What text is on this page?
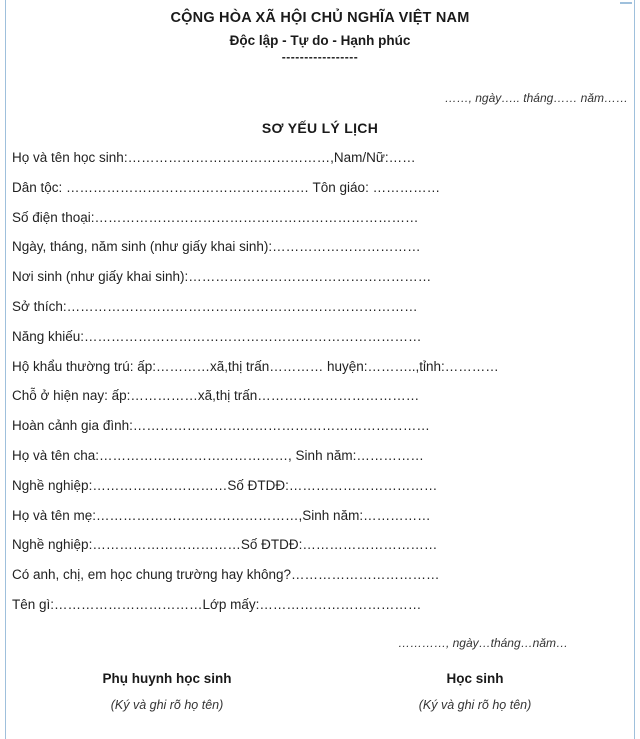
CỘNG HÒA XÃ HỘI CHỦ NGHĨA VIỆT NAM
Độc lập - Tự do - Hạnh phúc
-----------------
……, ngày….. tháng…… năm……
SƠ YẾU LÝ LỊCH
Họ và tên học sinh:………………………………………,Nam/Nữ:……
Dân tộc: ……………………………………………… Tôn giáo: ……………
Số điện thoại:………………………………………………………………
Ngày, tháng, năm sinh (như giấy khai sinh):……………………………
Nơi sinh (như giấy khai sinh):………………………………………………
Sở thích:……………………………………………………………………
Năng khiếu:…………………………………………………………………
Hộ khẩu thường trú: ấp:…………xã,thị trấn………… huyện:………..,tỉnh:…………
Chỗ ở hiện nay: ấp:……………xã,thị trấn………………………………
Hoàn cảnh gia đình:…………………………………………………………
Họ và tên cha:……………………………………, Sinh năm:……………
Nghề nghiệp:…………………………Số ĐTDĐ:……………………………
Họ và tên mẹ:………………………………………,Sinh năm:……………
Nghề nghiệp:……………………………Số ĐTDĐ:…………………………
Có anh, chị, em học chung trường hay không?……………………………
Tên gì:……………………………Lớp mấy:………………………………
…………, ngày…tháng…năm…
Phụ huynh học sinh
(Ký và ghi rõ họ tên)
Học sinh
(Ký và ghi rõ họ tên)
